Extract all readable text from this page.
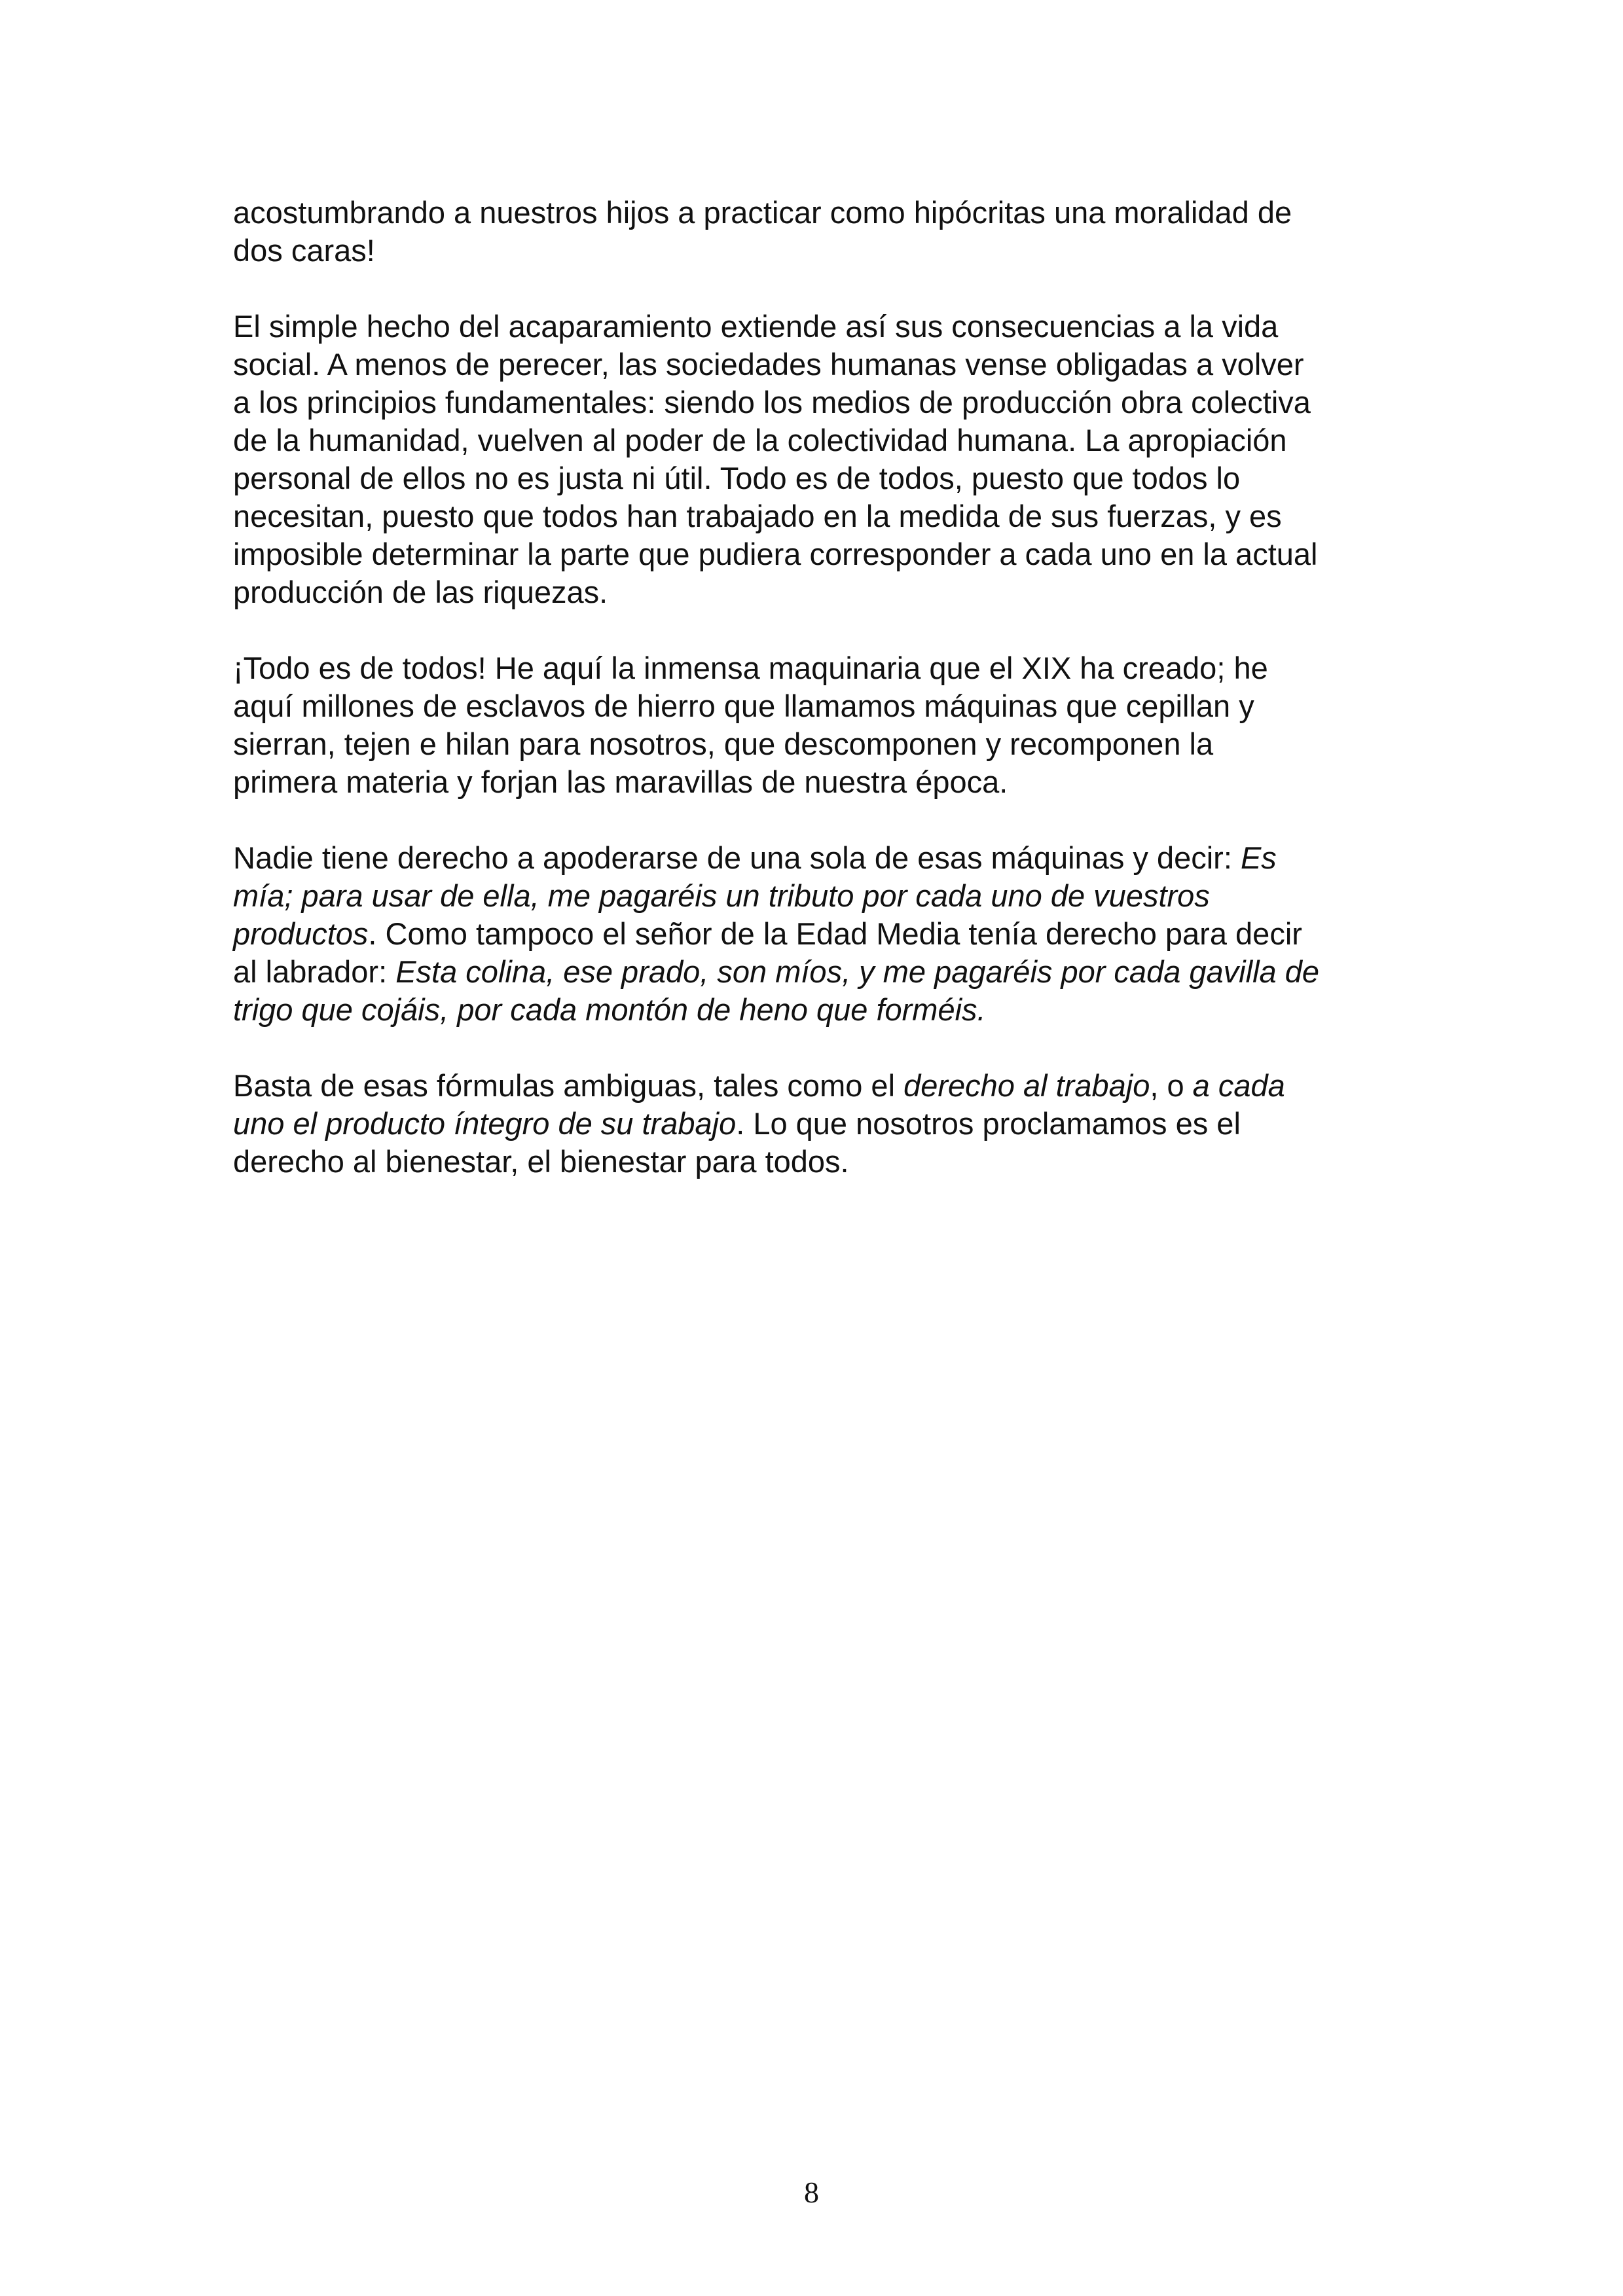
acostumbrando a nuestros hijos a practicar como hipócritas una moralidad de
dos caras!

El simple hecho del acaparamiento extiende así sus consecuencias a la vida
social. A menos de perecer, las sociedades humanas vense obligadas a volver
a los principios fundamentales: siendo los medios de producción obra colectiva
de la humanidad, vuelven al poder de la colectividad humana. La apropiación
personal de ellos no es justa ni útil. Todo es de todos, puesto que todos lo
necesitan, puesto que todos han trabajado en la medida de sus fuerzas, y es
imposible determinar la parte que pudiera corresponder a cada uno en la actual
producción de las riquezas.

¡Todo es de todos! He aquí la inmensa maquinaria que el XIX ha creado; he
aquí millones de esclavos de hierro que llamamos máquinas que cepillan y
sierran, tejen e hilan para nosotros, que descomponen y recomponen la
primera materia y forjan las maravillas de nuestra época.

Nadie tiene derecho a apoderarse de una sola de esas máquinas y decir: Es
mía; para usar de ella, me pagaréis un tributo por cada uno de vuestros
productos. Como tampoco el señor de la Edad Media tenía derecho para decir
al labrador: Esta colina, ese prado, son míos, y me pagaréis por cada gavilla de
trigo que cojáis, por cada montón de heno que forméis.

Basta de esas fórmulas ambiguas, tales como el derecho al trabajo, o a cada
uno el producto íntegro de su trabajo. Lo que nosotros proclamamos es el
derecho al bienestar, el bienestar para todos.

8
